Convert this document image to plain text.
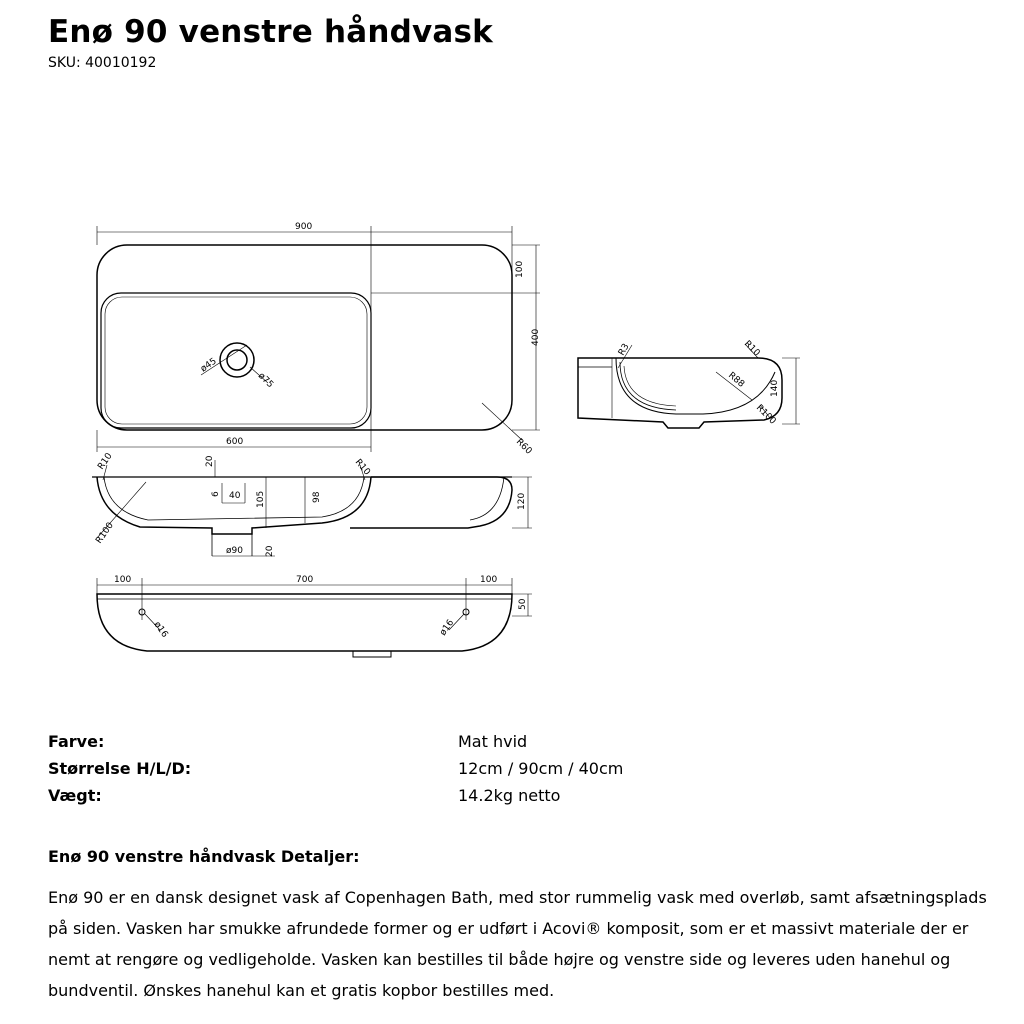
Enø 90 venstre håndvask
SKU: 40010192
900
600
100
400
ø45
ø75
R60
R3	R10
R88
R100
140
R10	R10
20
6 40 105	98	120
R100
ø90 20
100	700	100
50
ø16	ø16
Farve:	Mat hvid
Størrelse H/L/D:	12cm / 90cm / 40cm
Vægt:	14.2kg netto
Enø 90 venstre håndvask Detaljer:
Enø 90 er en dansk designet vask af Copenhagen Bath, med stor rummelig vask med overløb, samt afsætningsplads på siden. Vasken har smukke afrundede former og er udført i Acovi® komposit, som er et massivt materiale der er nemt at rengøre og vedligeholde. Vasken kan bestilles til både højre og venstre side og leveres uden hanehul og bundventil. Ønskes hanehul kan et gratis kopbor bestilles med.
